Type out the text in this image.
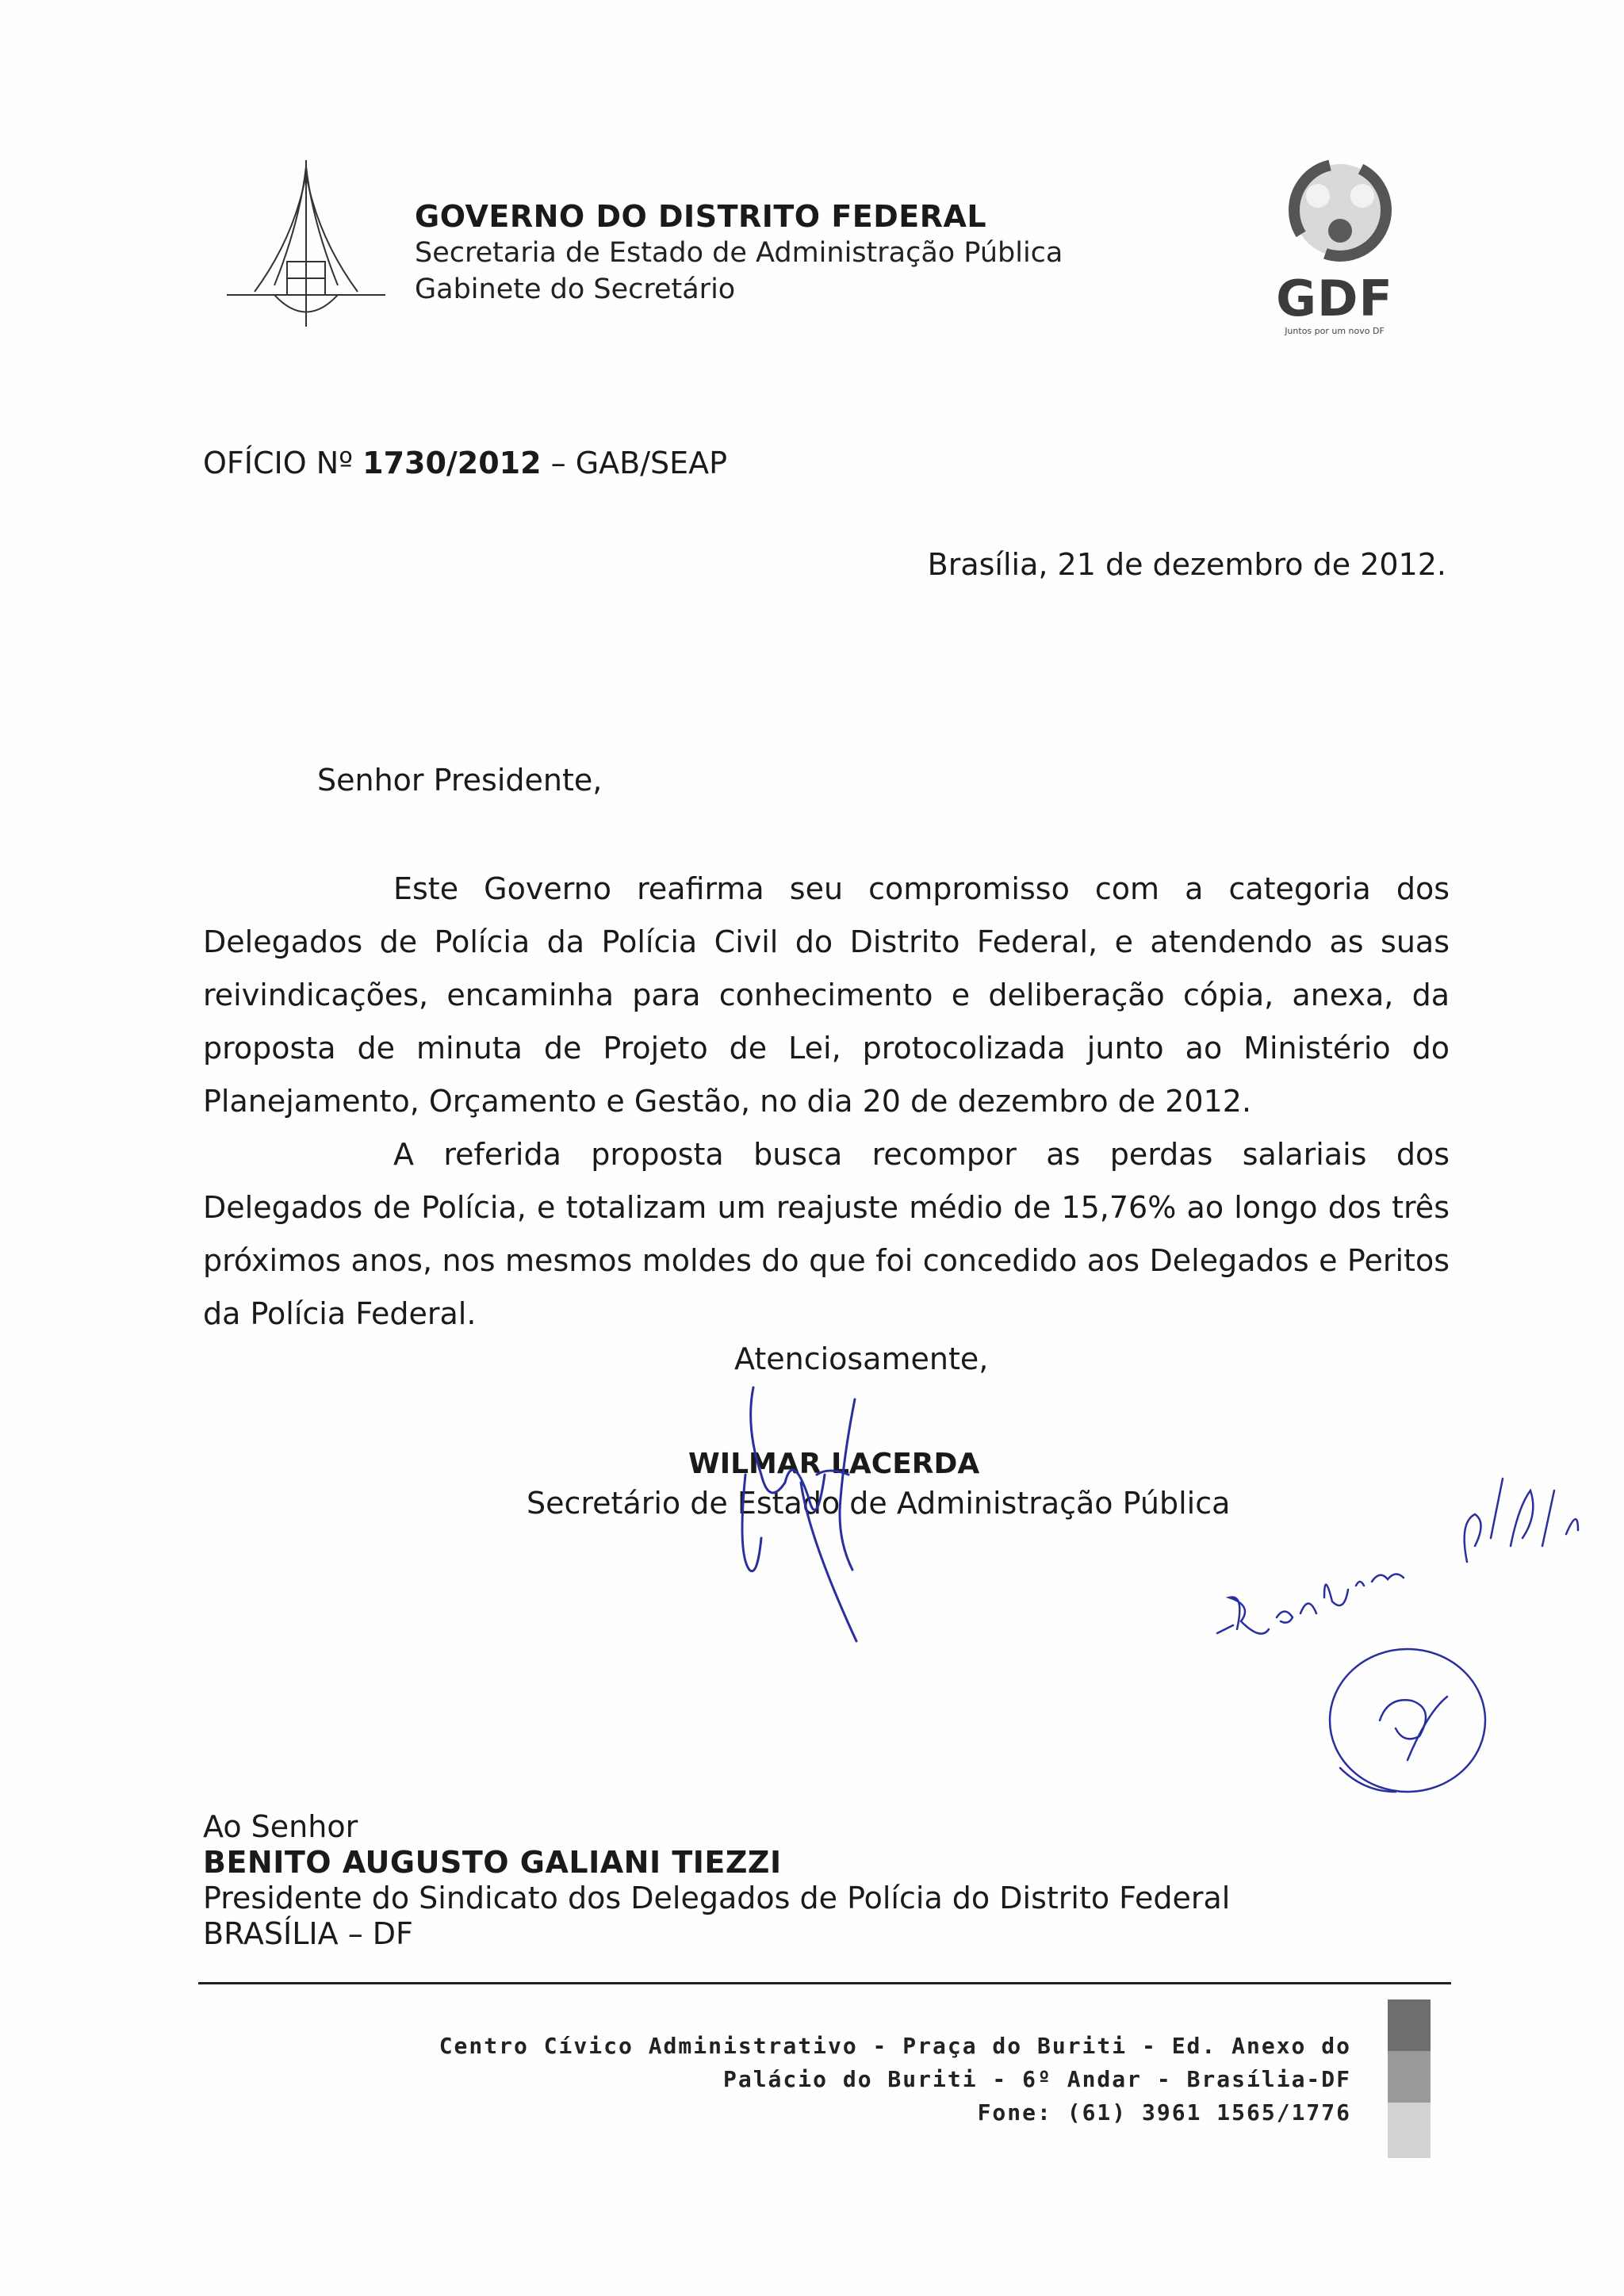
GOVERNO DO DISTRITO FEDERAL
Secretaria de Estado de Administração Pública
Gabinete do Secretário	GDF
Juntos por um novo DF
OFÍCIO Nº 1730/2012 – GAB/SEAP
Brasília, 21 de dezembro de 2012.
Senhor Presidente,

Este Governo reafirma seu compromisso com a categoria dos Delegados de Polícia da Polícia Civil do Distrito Federal, e atendendo as suas reivindicações, encaminha para conhecimento e deliberação cópia, anexa, da proposta de minuta de Projeto de Lei, protocolizada junto ao Ministério do Planejamento, Orçamento e Gestão, no dia 20 de dezembro de 2012.

A referida proposta busca recompor as perdas salariais dos Delegados de Polícia, e totalizam um reajuste médio de 15,76% ao longo dos três próximos anos, nos mesmos moldes do que foi concedido aos Delegados e Peritos da Polícia Federal.

Atenciosamente,
WILMAR LACERDA
Secretário de Estado de Administração Pública
Ao Senhor
BENITO AUGUSTO GALIANI TIEZZI
Presidente do Sindicato dos Delegados de Polícia do Distrito Federal
BRASÍLIA – DF
Centro Cívico Administrativo - Praça do Buriti - Ed. Anexo do
Palácio do Buriti - 6º Andar - Brasília-DF
Fone: (61) 3961 1565/1776
